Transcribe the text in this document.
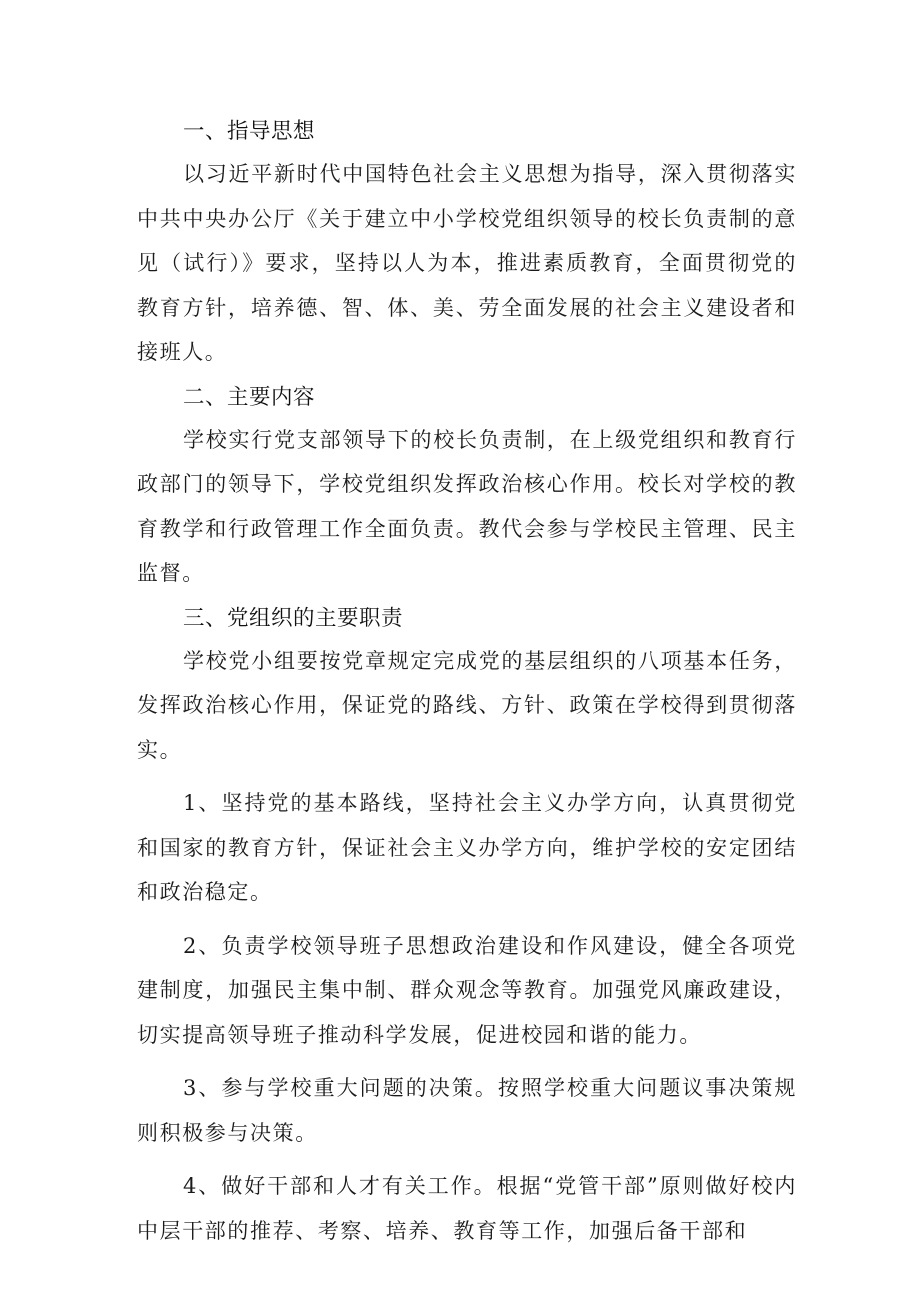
一、指导思想

以习近平新时代中国特色社会主义思想为指导，深入贯彻落实中共中央办公厅《关于建立中小学校党组织领导的校长负责制的意见（试行）》要求，坚持以人为本，推进素质教育，全面贯彻党的教育方针，培养德、智、体、美、劳全面发展的社会主义建设者和接班人。

二、主要内容

学校实行党支部领导下的校长负责制，在上级党组织和教育行政部门的领导下，学校党组织发挥政治核心作用。校长对学校的教育教学和行政管理工作全面负责。教代会参与学校民主管理、民主监督。

三、党组织的主要职责

学校党小组要按党章规定完成党的基层组织的八项基本任务，发挥政治核心作用，保证党的路线、方针、政策在学校得到贯彻落实。

1、坚持党的基本路线，坚持社会主义办学方向，认真贯彻党和国家的教育方针，保证社会主义办学方向，维护学校的安定团结和政治稳定。

2、负责学校领导班子思想政治建设和作风建设，健全各项党建制度，加强民主集中制、群众观念等教育。加强党风廉政建设，切实提高领导班子推动科学发展，促进校园和谐的能力。

3、参与学校重大问题的决策。按照学校重大问题议事决策规则积极参与决策。

4、做好干部和人才有关工作。根据“党管干部”原则做好校内中层干部的推荐、考察、培养、教育等工作，加强后备干部和
